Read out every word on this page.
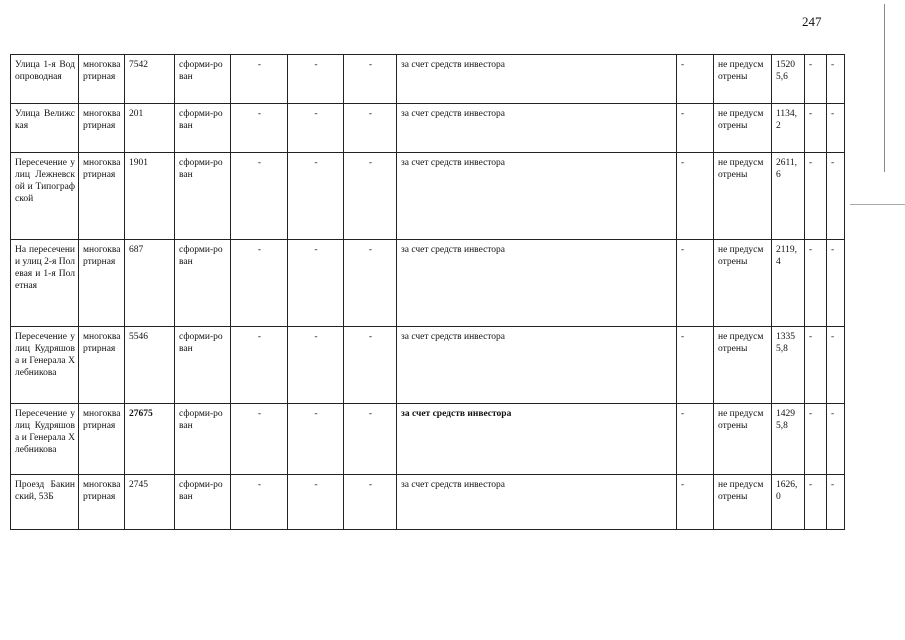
247
Улица 1-я Водопроводная	многоквартирная	7542	сформи-рован	-	-	-	за счет средств инвестора	-	не предусмотрены	15205,6	-	-
Улица Велижская	многоквартирная	201	сформи-рован	-	-	-	за счет средств инвестора	-	не предусмотрены	1134,2	-	-
Пересечение улиц Лежневской и Типографской	многоквартирная	1901	сформи-рован	-	-	-	за счет средств инвестора	-	не предусмотрены	2611,6	-	-
На пересечении улиц 2-я Полевая и 1-я Полетная	многоквартирная	687	сформи-рован	-	-	-	за счет средств инвестора	-	не предусмотрены	2119,4	-	-
Пересечение улиц Кудряшова и Генерала Хлебникова	многоквартирная	5546	сформи-рован	-	-	-	за счет средств инвестора	-	не предусмотрены	13355,8	-	-
Пересечение улиц Кудряшова и Генерала Хлебникова	многоквартирная	27675	сформи-рован	-	-	-	за счет средств инвестора	-	не предусмотрены	14295,8	-	-
Проезд Бакинский, 53Б	многоквартирная	2745	сформи-рован	-	-	-	за счет средств инвестора	-	не предусмотрены	1626,0	-	-
